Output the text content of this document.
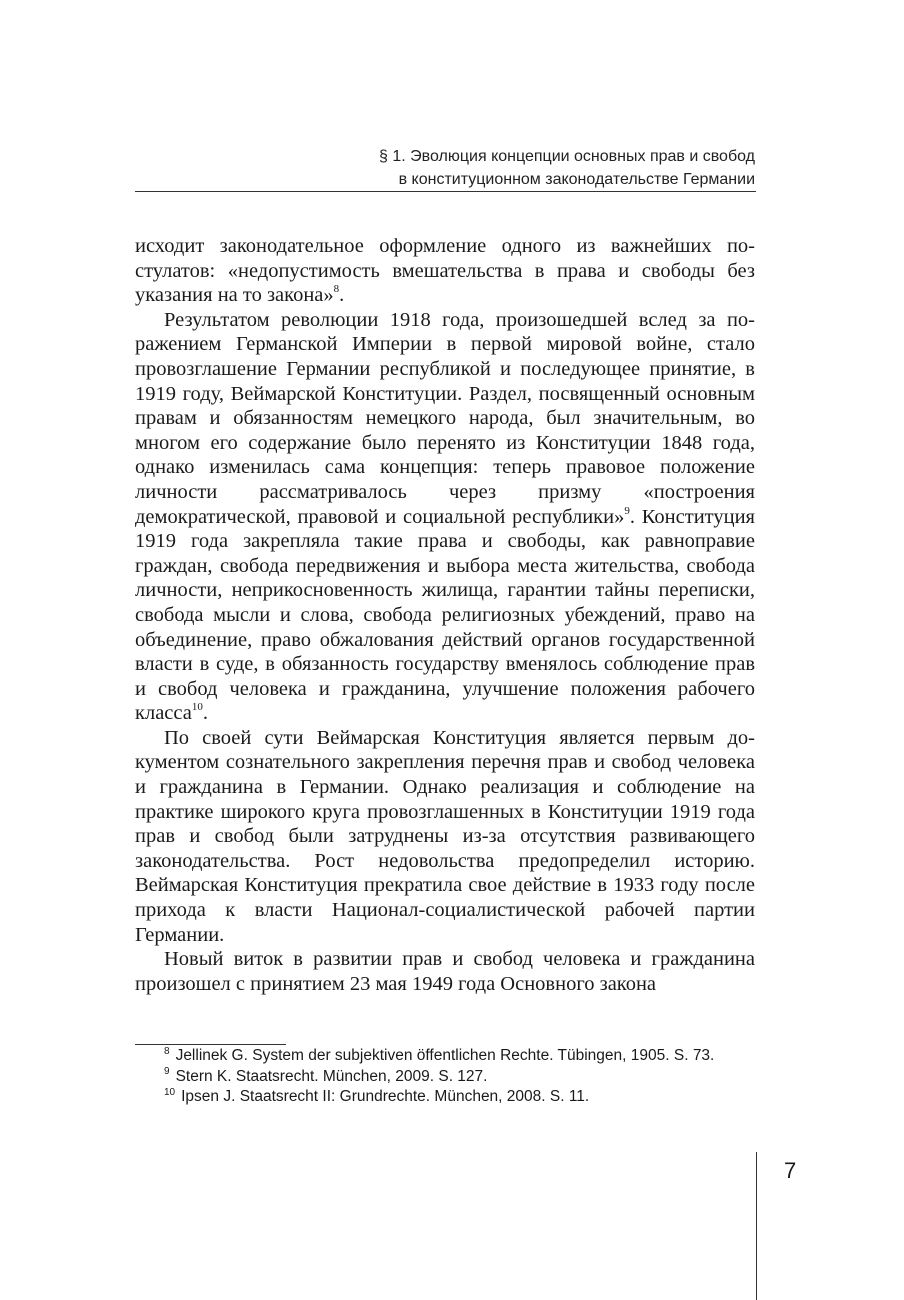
§ 1. Эволюция концепции основных прав и свобод
в конституционном законодательстве Германии

исходит законодательное оформление одного из важнейших постулатов: «недопустимость вмешательства в права и свободы без указания на то закона»$^8$.

Результатом революции 1918 года, произошедшей вслед за поражением Германской Империи в первой мировой войне, стало провозглашение Германии республикой и последующее принятие, в 1919 году, Веймарской Конституции. Раздел, посвященный основным правам и обязанностям немецкого народа, был значительным, во многом его содержание было перенято из Конституции 1848 года, однако изменилась сама концепция: теперь правовое положение личности рассматривалось через призму «построения демократической, правовой и социальной республики»$^9$. Конституция 1919 года закрепляла такие права и свободы, как равноправие граждан, свобода передвижения и выбора места жительства, свобода личности, неприкосновенность жилища, гарантии тайны переписки, свобода мысли и слова, свобода религиозных убеждений, право на объединение, право обжалования действий органов государственной власти в суде, в обязанность государству вменялось соблюдение прав и свобод человека и гражданина, улучшение положения рабочего класса$^{10}$.

По своей сути Веймарская Конституция является первым документом сознательного закрепления перечня прав и свобод человека и гражданина в Германии. Однако реализация и соблюдение на практике широкого круга провозглашенных в Конституции 1919 года прав и свобод были затруднены из-за отсутствия развивающего законодательства. Рост недовольства предопределил историю. Веймарская Конституция прекратила свое действие в 1933 году после прихода к власти Национал-социалистической рабочей партии Германии.

Новый виток в развитии прав и свобод человека и гражданина произошел с принятием 23 мая 1949 года Основного закона

$^8$ Jellinek G. System der subjektiven öffentlichen Rechte. Tübingen, 1905. S. 73.

$^9$ Stern K. Staatsrecht. München, 2009. S. 127.

$^{10}$ Ipsen J. Staatsrecht II: Grundrechte. München, 2008. S. 11.

7
